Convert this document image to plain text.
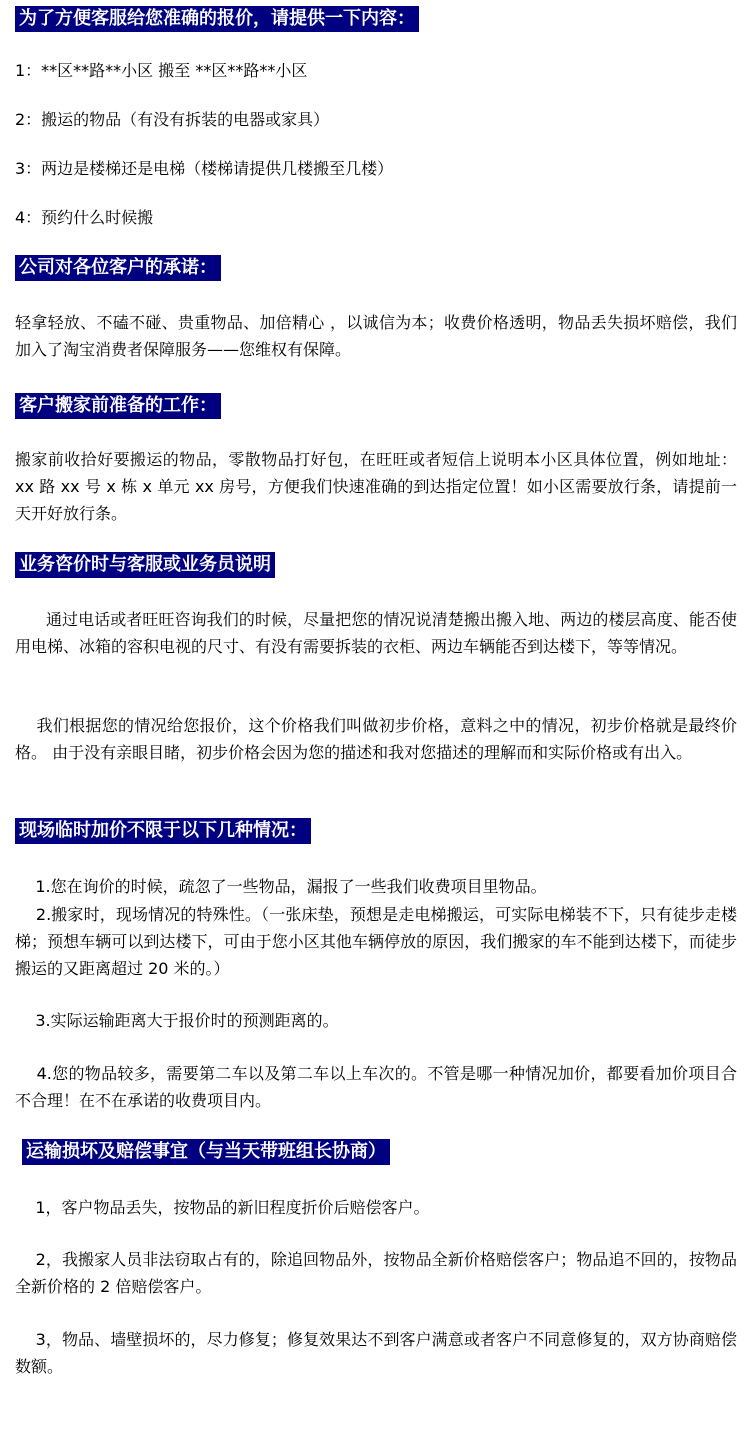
为了方便客服给您准确的报价，请提供一下内容：
1：**区**路**小区 搬至 **区**路**小区
2：搬运的物品（有没有拆装的电器或家具）
3：两边是楼梯还是电梯（楼梯请提供几楼搬至几楼）
4：预约什么时候搬
公司对各位客户的承诺：
轻拿轻放、不磕不碰、贵重物品、加倍精心 ，以诚信为本；收费价格透明，物品丢失损坏赔偿，我们加入了淘宝消费者保障服务——您维权有保障。
客户搬家前准备的工作：
搬家前收拾好要搬运的物品，零散物品打好包，在旺旺或者短信上说明本小区具体位置，例如地址：xx 路 xx 号 x 栋 x 单元 xx 房号，方便我们快速准确的到达指定位置！如小区需要放行条，请提前一天开好放行条。
业务咨价时与客服或业务员说明
通过电话或者旺旺咨询我们的时候，尽量把您的情况说清楚搬出搬入地、两边的楼层高度、能否使用电梯、冰箱的容积电视的尺寸、有没有需要拆装的衣柜、两边车辆能否到达楼下，等等情况。
我们根据您的情况给您报价，这个价格我们叫做初步价格，意料之中的情况，初步价格就是最终价格。 由于没有亲眼目睹，初步价格会因为您的描述和我对您描述的理解而和实际价格或有出入。
现场临时加价不限于以下几种情况：
1.您在询价的时候，疏忽了一些物品，漏报了一些我们收费项目里物品。
2.搬家时，现场情况的特殊性。（一张床垫，预想是走电梯搬运，可实际电梯装不下，只有徒步走楼梯；预想车辆可以到达楼下，可由于您小区其他车辆停放的原因，我们搬家的车不能到达楼下，而徒步搬运的又距离超过 20 米的。）
3.实际运输距离大于报价时的预测距离的。
4.您的物品较多，需要第二车以及第二车以上车次的。不管是哪一种情况加价，都要看加价项目合不合理！在不在承诺的收费项目内。
运输损坏及赔偿事宜（与当天带班组长协商）
1，客户物品丢失，按物品的新旧程度折价后赔偿客户。
2，我搬家人员非法窃取占有的，除追回物品外，按物品全新价格赔偿客户；物品追不回的，按物品全新价格的 2 倍赔偿客户。
3，物品、墙壁损坏的，尽力修复；修复效果达不到客户满意或者客户不同意修复的，双方协商赔偿数额。
